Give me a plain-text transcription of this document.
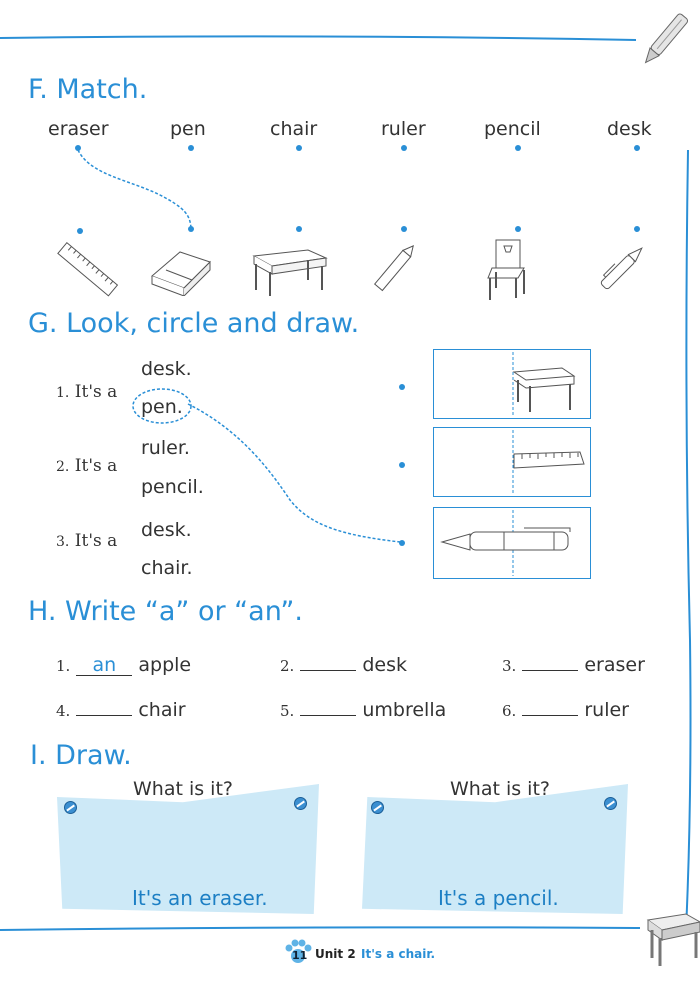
F. Match.
eraser	pen	chair	ruler	pencil	desk
G. Look, circle and draw.
1. It's a
desk.
pen.
2. It's a
ruler.
pencil.
3. It's a desk.
chair.
H. Write “a” or “an”.
1. an apple	2.	desk	3.	eraser
4.	chair	5.	umbrella	6.	ruler
I. Draw.
What is it?	What is it?
It's an eraser.	It's a pencil.
11 Unit 2 It's a chair.
